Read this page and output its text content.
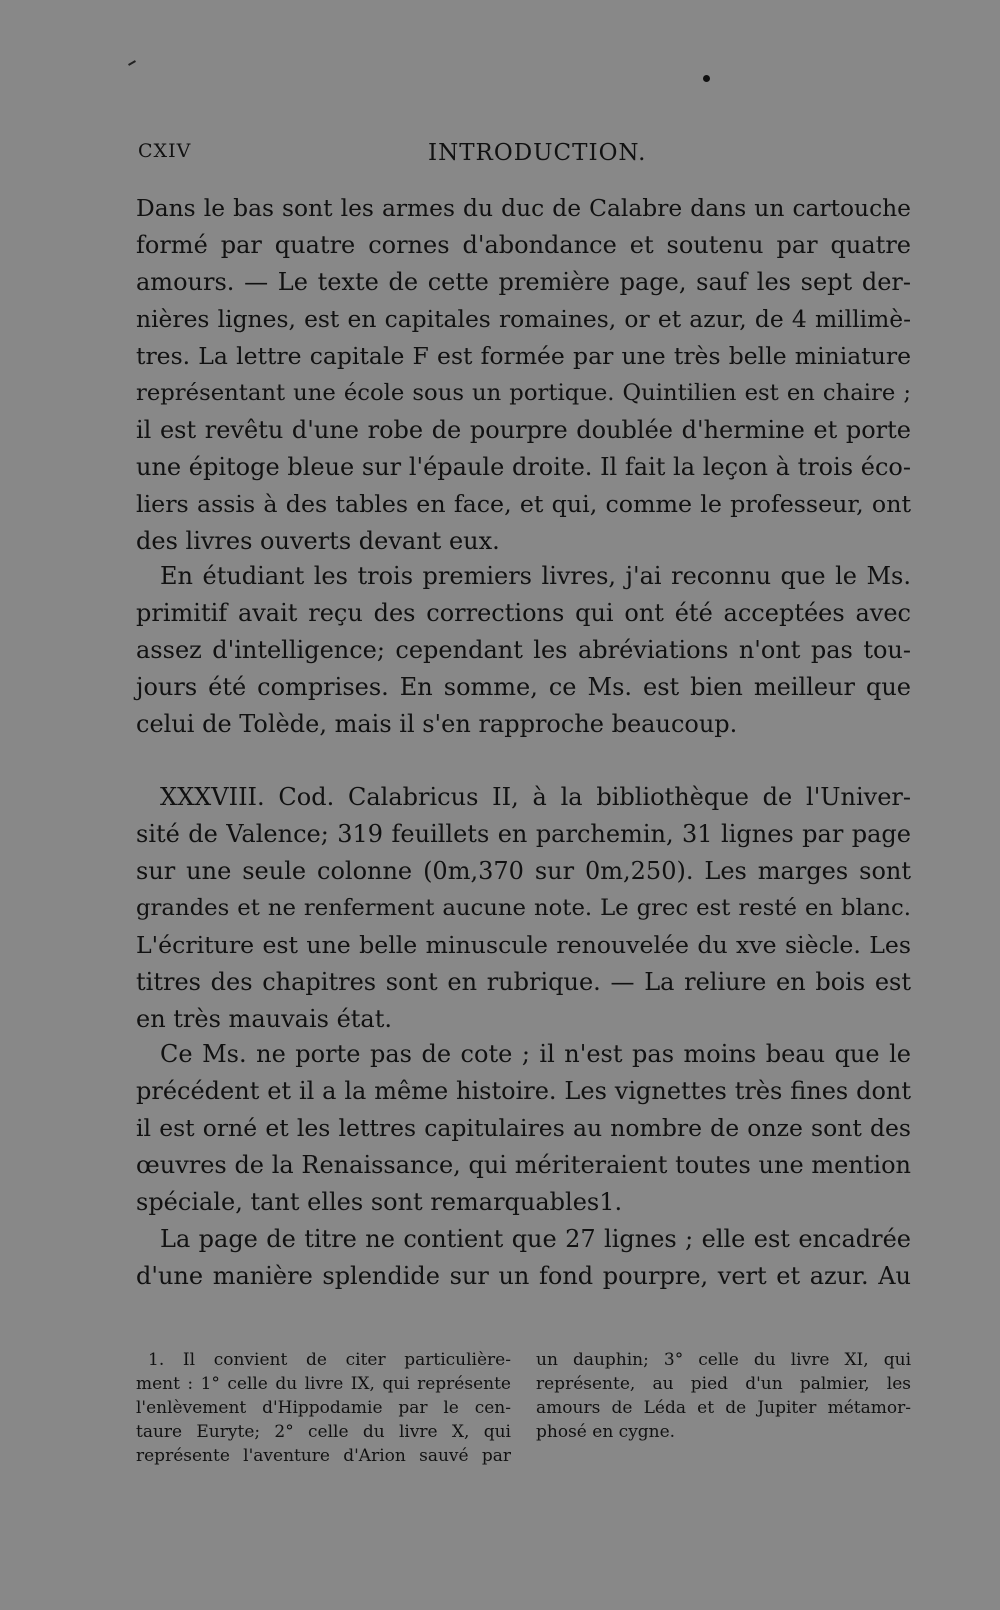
CXIV	INTRODUCTION.
Dans le bas sont les armes du duc de Calabre dans un cartouche
formé par quatre cornes d'abondance et soutenu par quatre
amours. — Le texte de cette première page, sauf les sept der-
nières lignes, est en capitales romaines, or et azur, de 4 millimè-
tres. La lettre capitale F est formée par une très belle miniature
représentant une école sous un portique. Quintilien est en chaire ;
il est revêtu d'une robe de pourpre doublée d'hermine et porte
une épitoge bleue sur l'épaule droite. Il fait la leçon à trois éco-
liers assis à des tables en face, et qui, comme le professeur, ont
des livres ouverts devant eux.
En étudiant les trois premiers livres, j'ai reconnu que le Ms.
primitif avait reçu des corrections qui ont été acceptées avec
assez d'intelligence; cependant les abréviations n'ont pas tou-
jours été comprises. En somme, ce Ms. est bien meilleur que
celui de Tolède, mais il s'en rapproche beaucoup.
XXXVIII. Cod. Calabricus II, à la bibliothèque de l'Univer-
sité de Valence; 319 feuillets en parchemin, 31 lignes par page
sur une seule colonne (0m,370 sur 0m,250). Les marges sont
grandes et ne renferment aucune note. Le grec est resté en blanc.
L'écriture est une belle minuscule renouvelée du xve siècle. Les
titres des chapitres sont en rubrique. — La reliure en bois est
en très mauvais état.
Ce Ms. ne porte pas de cote ; il n'est pas moins beau que le
précédent et il a la même histoire. Les vignettes très fines dont
il est orné et les lettres capitulaires au nombre de onze sont des
œuvres de la Renaissance, qui mériteraient toutes une mention
spéciale, tant elles sont remarquables1.
La page de titre ne contient que 27 lignes ; elle est encadrée
d'une manière splendide sur un fond pourpre, vert et azur. Au
1. Il convient de citer particulière-
ment : 1° celle du livre IX, qui représente
l'enlèvement d'Hippodamie par le cen-
taure Euryte; 2° celle du livre X, qui
représente l'aventure d'Arion sauvé par
un dauphin; 3° celle du livre XI, qui
représente, au pied d'un palmier, les
amours de Léda et de Jupiter métamor-
phosé en cygne.
